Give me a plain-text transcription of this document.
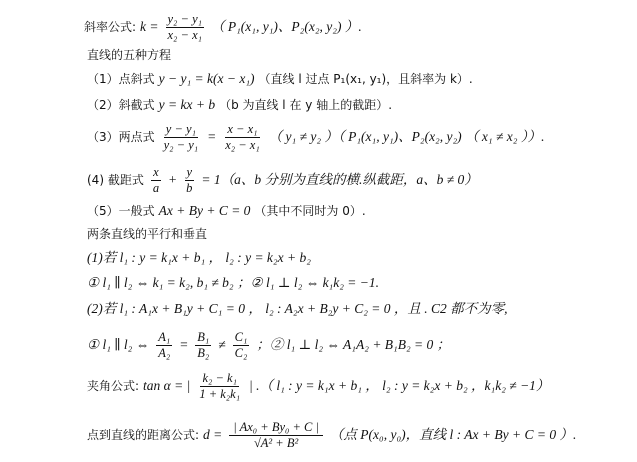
斜率公式: $k = \frac{\text{y₂ − y₁}}{\text{x₂ − x₁}}$ （ P₁(x₁, y₁)、P₂(x₂, y₂) ）.
直线的五种方程
（1）点斜式 y − y₁ = k(x − x₁) （直线 l 过点 P₁(x₁, y₁)，且斜率为 k）.
（2）斜截式 y = kx + b （b 为直线 l 在 y 轴上的截距）.
（3）两点式 $\frac{\text{y − y₁}}{\text{y₂ − y₁}} = \frac{\text{x − x₁}}{\text{x₂ − x₁}}$ （ y₁ ≠ y₂ ）（ P₁(x₁, y₁)、P₂(x₂, y₂) （ x₁ ≠ x₂ ））.
(4) 截距式 $\frac{x}{a} + \frac{y}{b} = 1(a$、b 分别为直线的横.纵截距，a、b ≠ 0）
（5）一般式 Ax + By + C = 0 （其中不同时为 0）.
两条直线的平行和垂直
(1)若 l₁ : y = k₁x + b₁ ， l₂ : y = k₂x + b₂
① l₁ ∥ l₂ ⇔ k₁ = k₂, b₁ ≠ b₂ ；② l₁ ⊥ l₂ ⇔ k₁k₂ = −1.
(2)若 l₁ : A₁x + B₁y + C₁ = 0 ， l₂ : A₂x + B₂y + C₂ = 0 ，且 . C2 都不为零,
① l₁ ∥ l₂ ⇔ $\frac{\text{A₁}}{\text{A₂}} = \frac{\text{B₁}}{\text{B₂}} \ne \frac{\text{C₁}}{\text{C₂}}$ ；② l₁ ⊥ l₂ ⇔ A₁A₂ + B₁B₂ = 0 ；
夹角公式: tan α = | $\frac{\text{k₂ − k₁}}{\text{1 + k₂k₁}}$ | .（ l₁ : y = k₁x + b₁ ， l₂ : y = k₂x + b₂ ，k₁k₂ ≠ −1）
点到直线的距离公式: $d = \frac{\text{| Ax₀ + By₀ + C |}}{\text{√A² + B²}}$ （点 P(x₀, y₀)，直线 l : Ax + By + C = 0 ）.
